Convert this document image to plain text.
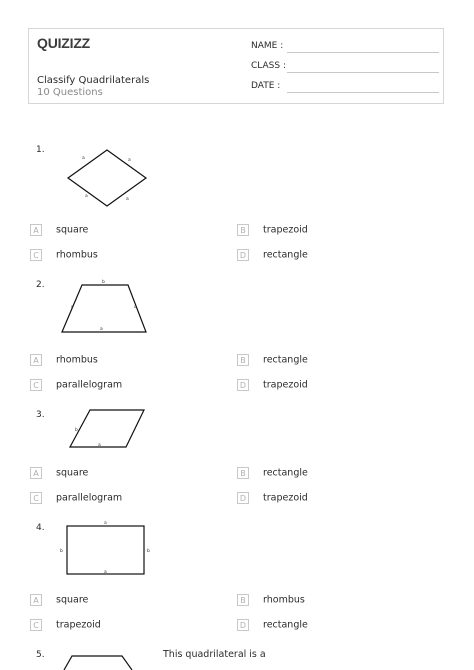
QUIZIZZ
Classify Quadrilaterals
10 Questions
NAME :
CLASS :
DATE :
1.
a	a
a
a
A square	B trapezoid
C rhombus	D rectangle
2.	b
c	c
a
A rhombus	B rectangle
C parallelogram	D trapezoid
3.
b
a
A square	B rectangle
C parallelogram	D trapezoid
4.	a
b	b
a
A square	B rhombus
C trapezoid	D rectangle
5.	This quadrilateral is a
